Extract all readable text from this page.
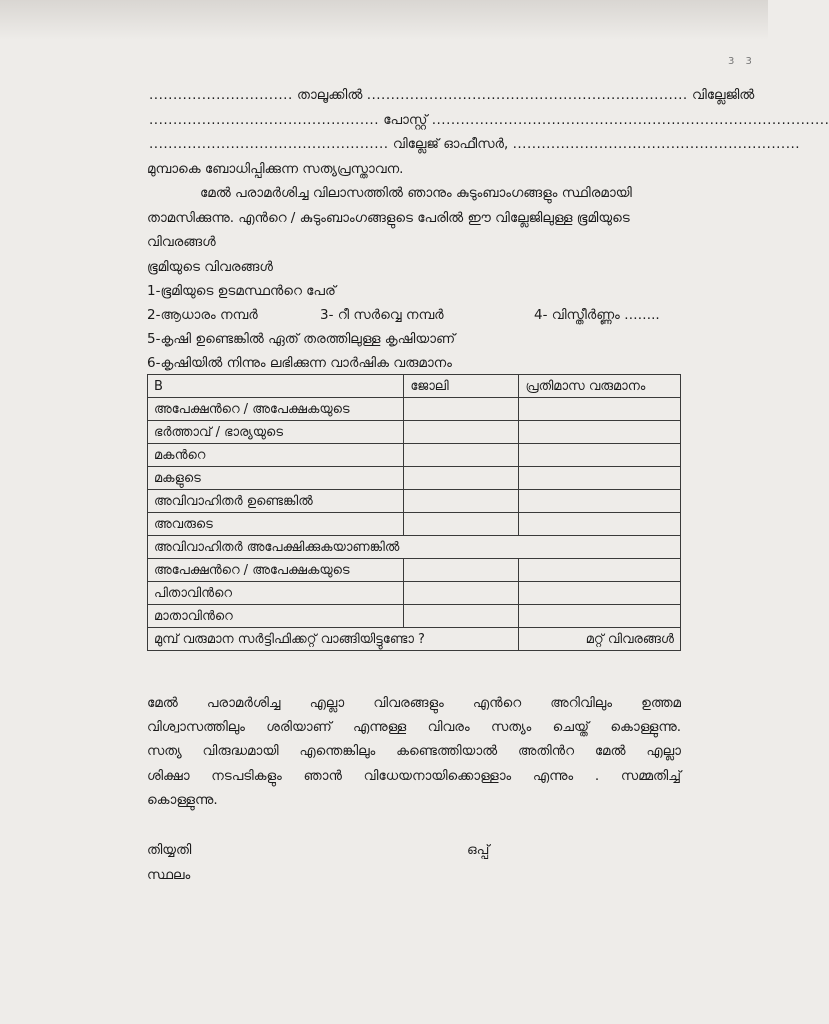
3 3
.............................. താലൂക്കിൽ ................................................................... വില്ലേജിൽ
................................................ പോസ്റ്റ് ...................................................................................
.................................................. വില്ലേജ് ഓഫീസർ, ............................................................
മുമ്പാകെ ബോധിപ്പിക്കുന്ന സത്യപ്രസ്താവന.
മേൽ പരാമർശിച്ച വിലാസത്തിൽ ഞാനും കുടുംബാംഗങ്ങളും സ്ഥിരമായി
താമസിക്കുന്നു. എൻറെ / കുടുംബാംഗങ്ങളുടെ പേരിൽ ഈ വില്ലേജിലുള്ള ഭൂമിയുടെ
വിവരങ്ങൾ
ഭൂമിയുടെ വിവരങ്ങൾ
1-ഭൂമിയുടെ ഉടമസ്ഥൻറെ പേര്
2-ആധാരം നമ്പർ	3- റീ സർവ്വെ നമ്പർ	4- വിസ്തീർണ്ണം ……..
5-കൃഷി ഉണ്ടെങ്കിൽ ഏത് തരത്തിലുള്ള കൃഷിയാണ്
6-കൃഷിയിൽ നിന്നും ലഭിക്കുന്ന വാർഷിക വരുമാനം
B	ജോലി	പ്രതിമാസ വരുമാനം
അപേക്ഷൻറെ / അപേക്ഷകയുടെ		
ഭർത്താവ് / ഭാര്യയുടെ		
മകൻറെ		
മകളുടെ		
അവിവാഹിതർ ഉണ്ടെങ്കിൽ		
അവരുടെ		
അവിവാഹിതർ അപേക്ഷിക്കുകയാണങ്കിൽ		
അപേക്ഷൻറെ / അപേക്ഷകയുടെ		
പിതാവിൻറെ		
മാതാവിൻറെ		
മുമ്പ് വരുമാന സർട്ടിഫിക്കറ്റ് വാങ്ങിയിട്ടുണ്ടോ ?		മറ്റ് വിവരങ്ങൾ
മേൽ പരാമർശിച്ച എല്ലാ വിവരങ്ങളും എൻറെ അറിവിലും ഉത്തമ
വിശ്വാസത്തിലും ശരിയാണ് എന്നുള്ള വിവരം സത്യം ചെയ്ത് കൊള്ളുന്നു.
സത്യ വിരുദ്ധമായി എന്തെങ്കിലും കണ്ടെത്തിയാൽ അതിൻറ മേൽ എല്ലാ
ശിക്ഷാ നടപടികളും ഞാൻ വിധേയനായിക്കൊള്ളാം എന്നും . സമ്മതിച്ച്
കൊള്ളുന്നു.
തിയ്യതി	ഒപ്പ്
സ്ഥലം
